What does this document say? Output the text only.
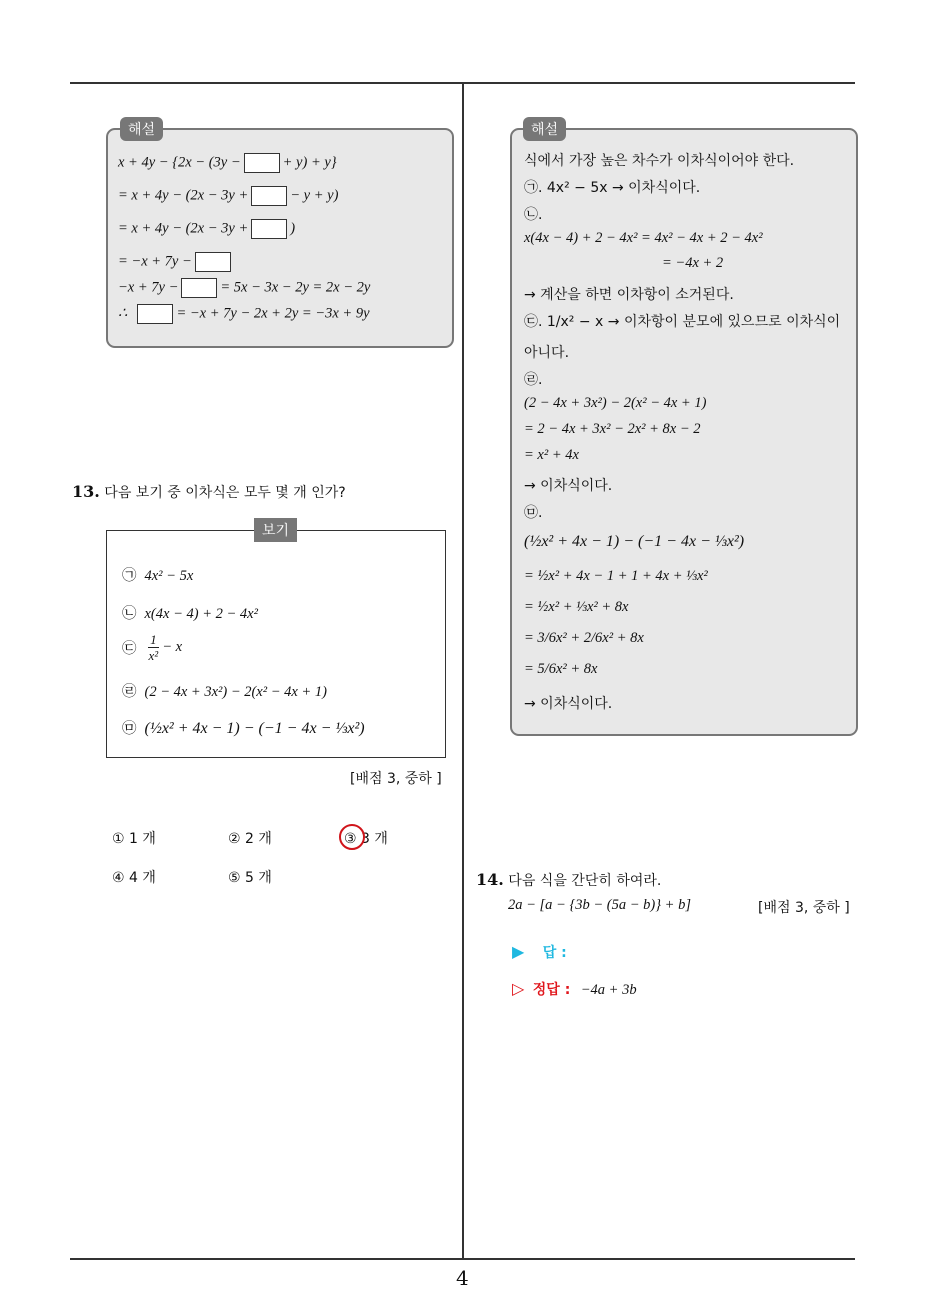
4
해설
x + 4y − {2x − (3y −	+ y) + y}
= x + 4y − (2x − 3y +	− y + y)
= x + 4y − (2x − 3y +	)
= −x + 7y −
−x + 7y −	= 5x − 3x − 2y = 2x − 2y
∴	= −x + 7y − 2x + 2y = −3x + 9y
13. 다음 보기 중 이차식은 모두 몇 개 인가?
보기
㉠ 4x² − 5x
㉡ x(4x − 4) + 2 − 4x²
㉢ $\frac{1}{\text{x²}} - x$
㉣ (2 − 4x + 3x²) − 2(x² − 4x + 1)
㉤ (½x² + 4x − 1) − (−1 − 4x − ⅓x²)
[배점 3, 중하 ]
① 1 개	② 2 개	③ 3 개
④ 4 개	⑤ 5 개
해설
식에서 가장 높은 차수가 이차식이어야 한다.
㉠. 4x² − 5x → 이차식이다.
㉡.
x(4x − 4) + 2 − 4x² = 4x² − 4x + 2 − 4x²
= −4x + 2
→ 계산을 하면 이차항이 소거된다.
㉢. 1/x² − x → 이차항이 분모에 있으므로 이차식이
아니다.
㉣.
(2 − 4x + 3x²) − 2(x² − 4x + 1)
= 2 − 4x + 3x² − 2x² + 8x − 2
= x² + 4x
→ 이차식이다.
㉤.
(½x² + 4x − 1) − (−1 − 4x − ⅓x²)
= ½x² + 4x − 1 + 1 + 4x + ⅓x²
= ½x² + ⅓x² + 8x
= 3/6x² + 2/6x² + 8x
= 5/6x² + 8x
→ 이차식이다.
14. 다음 식을 간단히 하여라.
2a − [a − {3b − (5a − b)} + b]	[배점 3, 중하 ]
▶ 답 :
▷ 정답 : −4a + 3b
